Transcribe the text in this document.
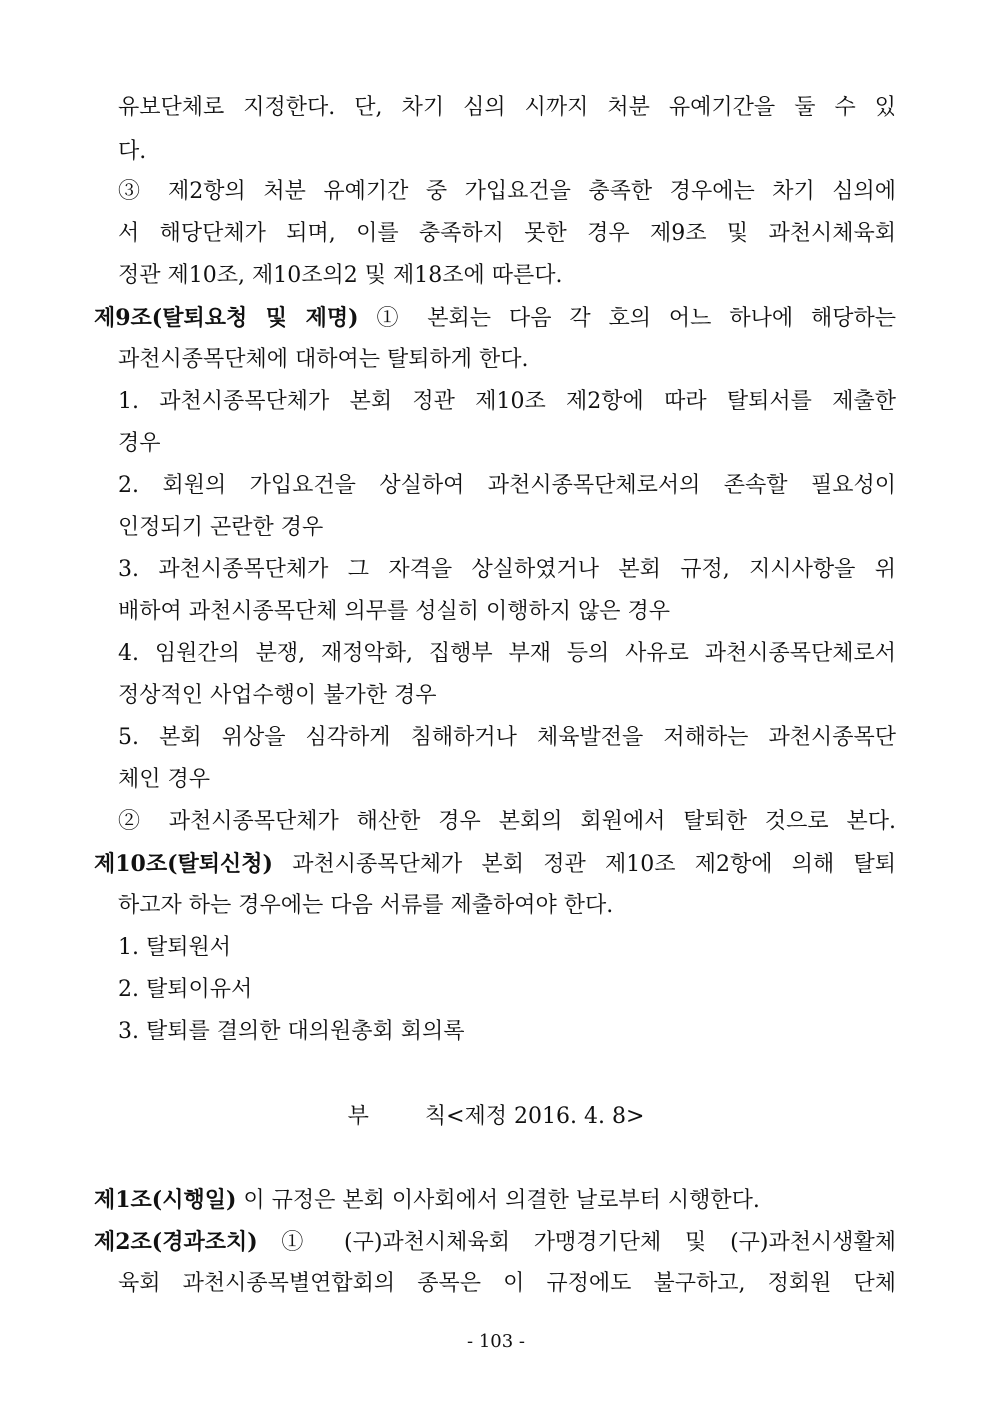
유보단체로 지정한다. 단, 차기 심의 시까지 처분 유예기간을 둘 수 있
다.
③ 제2항의 처분 유예기간 중 가입요건을 충족한 경우에는 차기 심의에
서 해당단체가 되며, 이를 충족하지 못한 경우 제9조 및 과천시체육회
정관 제10조, 제10조의2 및 제18조에 따른다.
제9조(탈퇴요청 및 제명) ① 본회는 다음 각 호의 어느 하나에 해당하는
과천시종목단체에 대하여는 탈퇴하게 한다.
1. 과천시종목단체가 본회 정관 제10조 제2항에 따라 탈퇴서를 제출한
경우
2. 회원의 가입요건을 상실하여 과천시종목단체로서의 존속할 필요성이
인정되기 곤란한 경우
3. 과천시종목단체가 그 자격을 상실하였거나 본회 규정, 지시사항을 위
배하여 과천시종목단체 의무를 성실히 이행하지 않은 경우
4. 임원간의 분쟁, 재정악화, 집행부 부재 등의 사유로 과천시종목단체로서
정상적인 사업수행이 불가한 경우
5. 본회 위상을 심각하게 침해하거나 체육발전을 저해하는 과천시종목단
체인 경우
② 과천시종목단체가 해산한 경우 본회의 회원에서 탈퇴한 것으로 본다.
제10조(탈퇴신청) 과천시종목단체가 본회 정관 제10조 제2항에 의해 탈퇴
하고자 하는 경우에는 다음 서류를 제출하여야 한다.
1. 탈퇴원서
2. 탈퇴이유서
3. 탈퇴를 결의한 대의원총회 회의록
부	칙<제정 2016. 4. 8>
제1조(시행일) 이 규정은 본회 이사회에서 의결한 날로부터 시행한다.
제2조(경과조치) ① (구)과천시체육회 가맹경기단체 및 (구)과천시생활체
육회 과천시종목별연합회의 종목은 이 규정에도 불구하고, 정회원 단체
- 103 -
